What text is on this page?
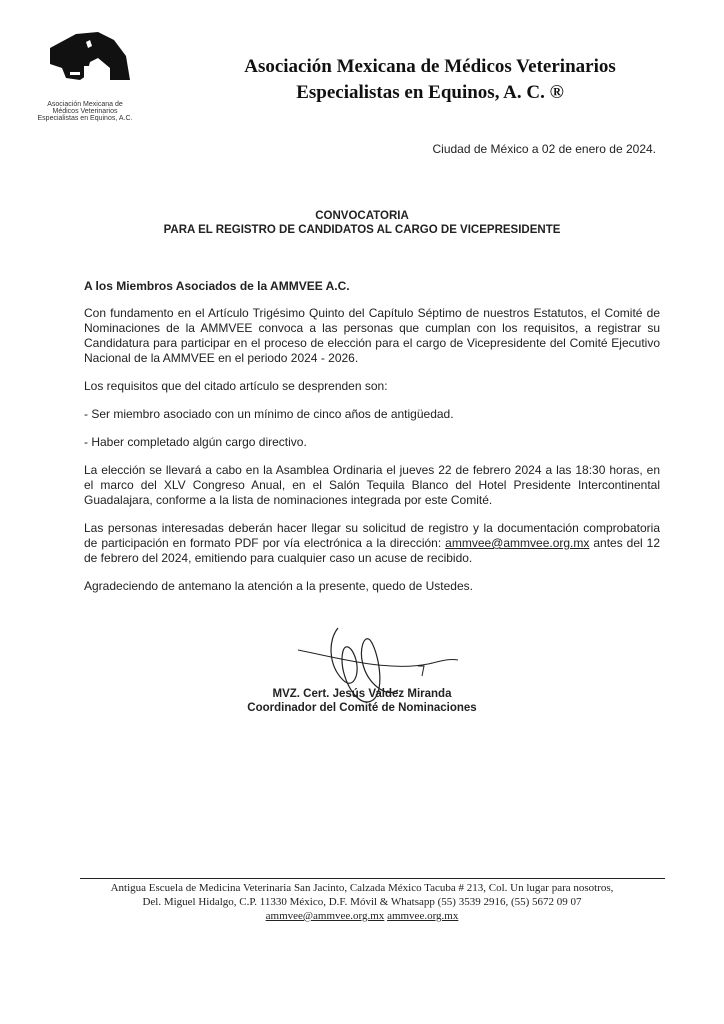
Asociación Mexicana de
Médicos Veterinarios
Especialistas en Equinos, A.C.
Asociación Mexicana de Médicos Veterinarios
Especialistas en Equinos, A. C. ®
Ciudad de México a 02 de enero de 2024.
CONVOCATORIA
PARA EL REGISTRO DE CANDIDATOS AL CARGO DE VICEPRESIDENTE

A los Miembros Asociados de la AMMVEE A.C.

Con fundamento en el Artículo Trigésimo Quinto del Capítulo Séptimo de nuestros Estatutos, el Comité de Nominaciones de la AMMVEE convoca a las personas que cumplan con los requisitos, a registrar su Candidatura para participar en el proceso de elección para el cargo de Vicepresidente del Comité Ejecutivo Nacional de la AMMVEE en el periodo 2024 - 2026.

Los requisitos que del citado artículo se desprenden son:

- Ser miembro asociado con un mínimo de cinco años de antigüedad.

- Haber completado algún cargo directivo.

La elección se llevará a cabo en la Asamblea Ordinaria el jueves 22 de febrero 2024 a las 18:30 horas, en el marco del XLV Congreso Anual, en el Salón Tequila Blanco del Hotel Presidente Intercontinental Guadalajara, conforme a la lista de nominaciones integrada por este Comité.

Las personas interesadas deberán hacer llegar su solicitud de registro y la documentación comprobatoria de participación en formato PDF por vía electrónica a la dirección: ammvee@ammvee.org.mx antes del 12 de febrero del 2024, emitiendo para cualquier caso un acuse de recibido.

Agradeciendo de antemano la atención a la presente, quedo de Ustedes.

MVZ. Cert. Jesús Valdez Miranda
Coordinador del Comité de Nominaciones
Antigua Escuela de Medicina Veterinaria San Jacinto, Calzada México Tacuba # 213, Col. Un lugar para nosotros,
Del. Miguel Hidalgo, C.P. 11330 México, D.F. Móvil & Whatsapp (55) 3539 2916, (55) 5672 09 07
ammvee@ammvee.org.mx ammvee.org.mx
